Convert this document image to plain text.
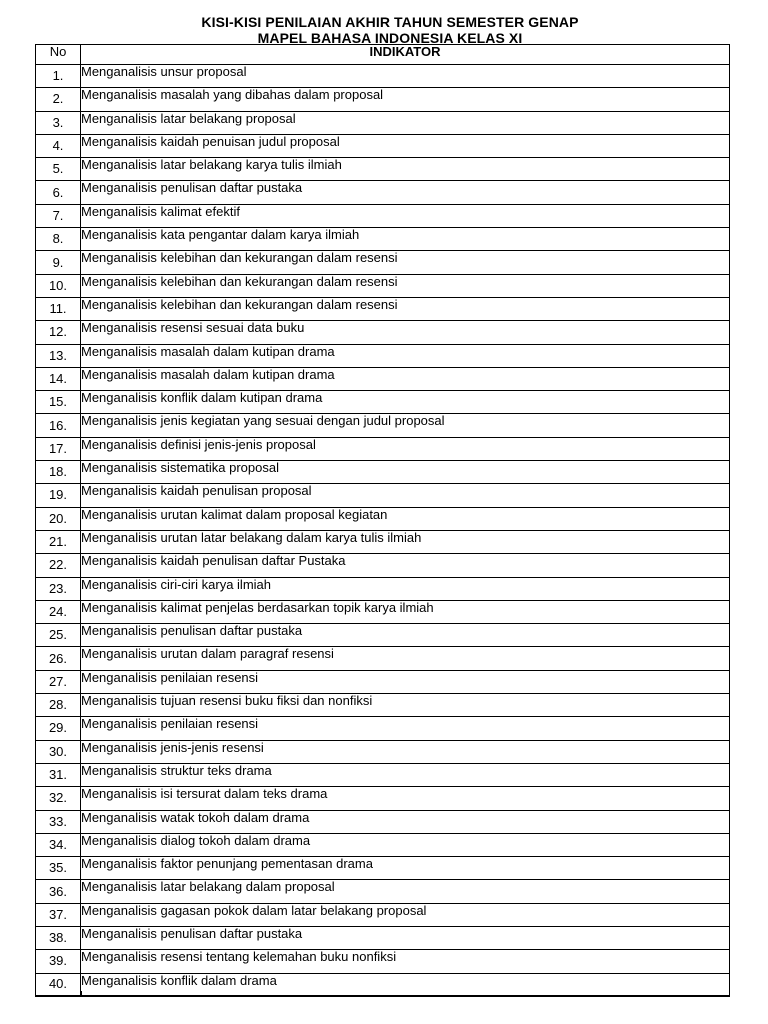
KISI-KISI PENILAIAN AKHIR TAHUN SEMESTER GENAP
MAPEL BAHASA INDONESIA KELAS XI
No	INDIKATOR
1.	Menganalisis unsur proposal
2.	Menganalisis masalah yang dibahas dalam proposal
3.	Menganalisis latar belakang proposal
4.	Menganalisis kaidah penuisan judul proposal
5.	Menganalisis latar belakang karya tulis ilmiah
6.	Menganalisis penulisan daftar pustaka
7.	Menganalisis kalimat efektif
8.	Menganalisis kata pengantar dalam karya ilmiah
9.	Menganalisis kelebihan dan kekurangan dalam resensi
10.	Menganalisis kelebihan dan kekurangan dalam resensi
11.	Menganalisis kelebihan dan kekurangan dalam resensi
12.	Menganalisis resensi sesuai data buku
13.	Menganalisis masalah dalam kutipan drama
14.	Menganalisis masalah dalam kutipan drama
15.	Menganalisis konflik dalam kutipan drama
16.	Menganalisis jenis kegiatan yang sesuai dengan judul proposal
17.	Menganalisis definisi jenis-jenis proposal
18.	Menganalisis sistematika proposal
19.	Menganalisis kaidah penulisan proposal
20.	Menganalisis urutan kalimat dalam proposal kegiatan
21.	Menganalisis urutan latar belakang dalam karya tulis ilmiah
22.	Menganalisis kaidah penulisan daftar Pustaka
23.	Menganalisis ciri-ciri karya ilmiah
24.	Menganalisis kalimat penjelas berdasarkan topik karya ilmiah
25.	Menganalisis penulisan daftar pustaka
26.	Menganalisis urutan dalam paragraf resensi
27.	Menganalisis penilaian resensi
28.	Menganalisis tujuan resensi buku fiksi dan nonfiksi
29.	Menganalisis penilaian resensi
30.	Menganalisis jenis-jenis resensi
31.	Menganalisis struktur teks drama
32.	Menganalisis isi tersurat dalam teks drama
33.	Menganalisis watak tokoh dalam drama
34.	Menganalisis dialog tokoh dalam drama
35.	Menganalisis faktor penunjang pementasan drama
36.	Menganalisis latar belakang dalam proposal
37.	Menganalisis gagasan pokok dalam latar belakang proposal
38.	Menganalisis penulisan daftar pustaka
39.	Menganalisis resensi tentang kelemahan buku nonfiksi
40.	Menganalisis konflik dalam drama
